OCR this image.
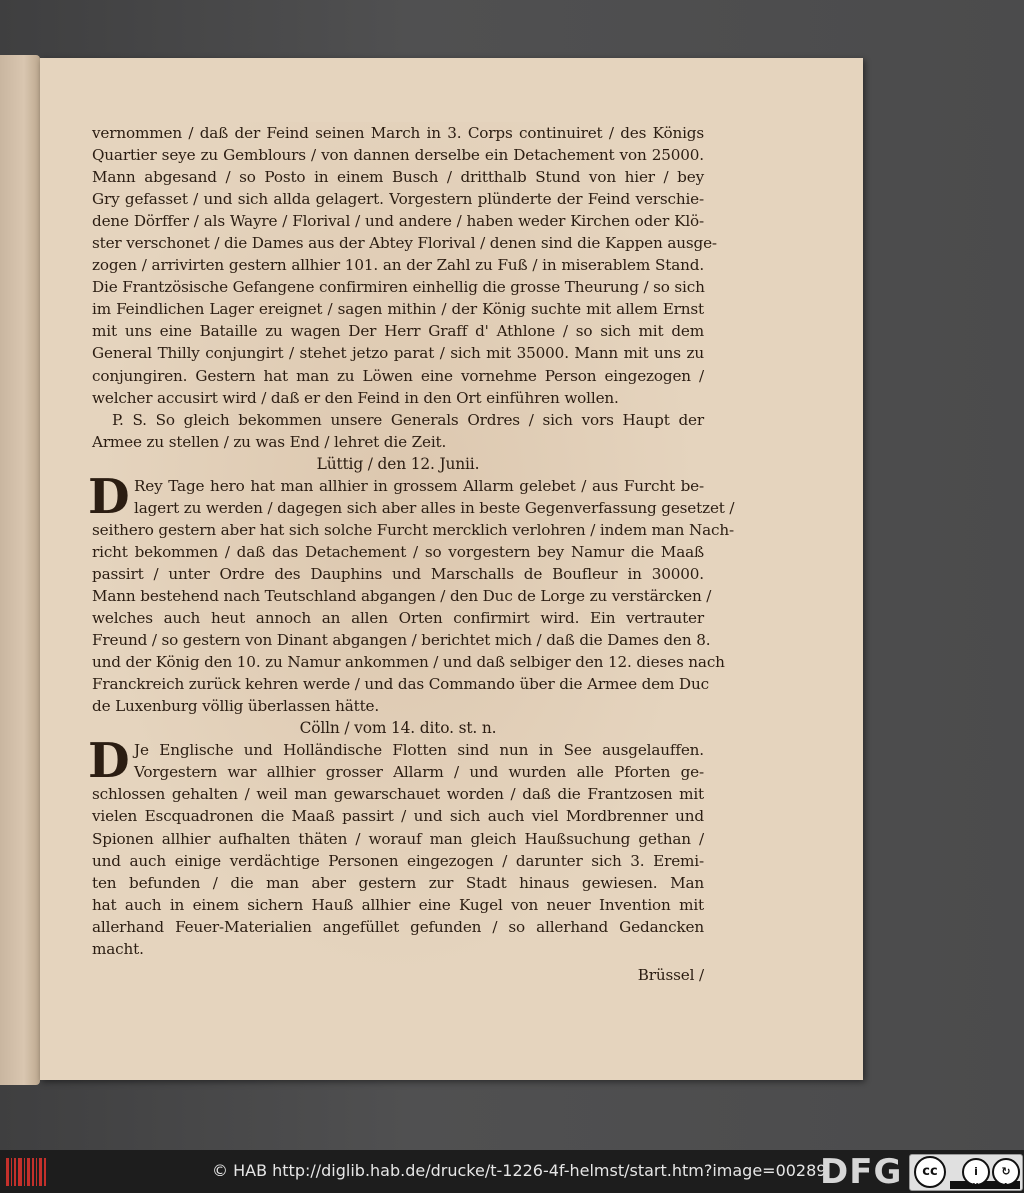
vernommen / daß der Feind seinen March in 3. Corps continuiret / des Königs
Quartier seye zu Gemblours / von dannen derselbe ein Detachement von 25000.
Mann abgesand / so Posto in einem Busch / dritthalb Stund von hier / bey
Gry gefasset / und sich allda gelagert. Vorgestern plünderte der Feind verschie-
dene Dörffer / als Wayre / Florival / und andere / haben weder Kirchen oder Klö-
ster verschonet / die Dames aus der Abtey Florival / denen sind die Kappen ausge-
zogen / arrivirten gestern allhier 101. an der Zahl zu Fuß / in miserablem Stand.
Die Frantzösische Gefangene confirmiren einhellig die grosse Theurung / so sich
im Feindlichen Lager ereignet / sagen mithin / der König suchte mit allem Ernst
mit uns eine Bataille zu wagen Der Herr Graff d' Athlone / so sich mit dem
General Thilly conjungirt / stehet jetzo parat / sich mit 35000. Mann mit uns zu
conjungiren. Gestern hat man zu Löwen eine vornehme Person eingezogen /
welcher accusirt wird / daß er den Feind in den Ort einführen wollen.
P. S. So gleich bekommen unsere Generals Ordres / sich vors Haupt der
Armee zu stellen / zu was End / lehret die Zeit.
Lüttig / den 12. Junii.
D Rey Tage hero hat man allhier in grossem Allarm gelebet / aus Furcht be-
lagert zu werden / dagegen sich aber alles in beste Gegenverfassung gesetzet /
seithero gestern aber hat sich solche Furcht mercklich verlohren / indem man Nach-
richt bekommen / daß das Detachement / so vorgestern bey Namur die Maaß
passirt / unter Ordre des Dauphins und Marschalls de Boufleur in 30000.
Mann bestehend nach Teutschland abgangen / den Duc de Lorge zu verstärcken /
welches auch heut annoch an allen Orten confirmirt wird. Ein vertrauter
Freund / so gestern von Dinant abgangen / berichtet mich / daß die Dames den 8.
und der König den 10. zu Namur ankommen / und daß selbiger den 12. dieses nach
Franckreich zurück kehren werde / und das Commando über die Armee dem Duc
de Luxenburg völlig überlassen hätte.
Cölln / vom 14. dito. st. n.
D Je Englische und Holländische Flotten sind nun in See ausgelauffen.
Vorgestern war allhier grosser Allarm / und wurden alle Pforten ge-
schlossen gehalten / weil man gewarschauet worden / daß die Frantzosen mit
vielen Escquadronen die Maaß passirt / und sich auch viel Mordbrenner und
Spionen allhier aufhalten thäten / worauf man gleich Haußsuchung gethan /
und auch einige verdächtige Personen eingezogen / darunter sich 3. Eremi-
ten befunden / die man aber gestern zur Stadt hinaus gewiesen. Man
hat auch in einem sichern Hauß allhier eine Kugel von neuer Invention mit
allerhand Feuer-Materialien angefüllet gefunden / so allerhand Gedancken
macht.
Brüssel /
© HAB http://diglib.hab.de/drucke/t-1226-4f-helmst/start.htm?image=00289
DFG	cc	i	↻
BY	SA
